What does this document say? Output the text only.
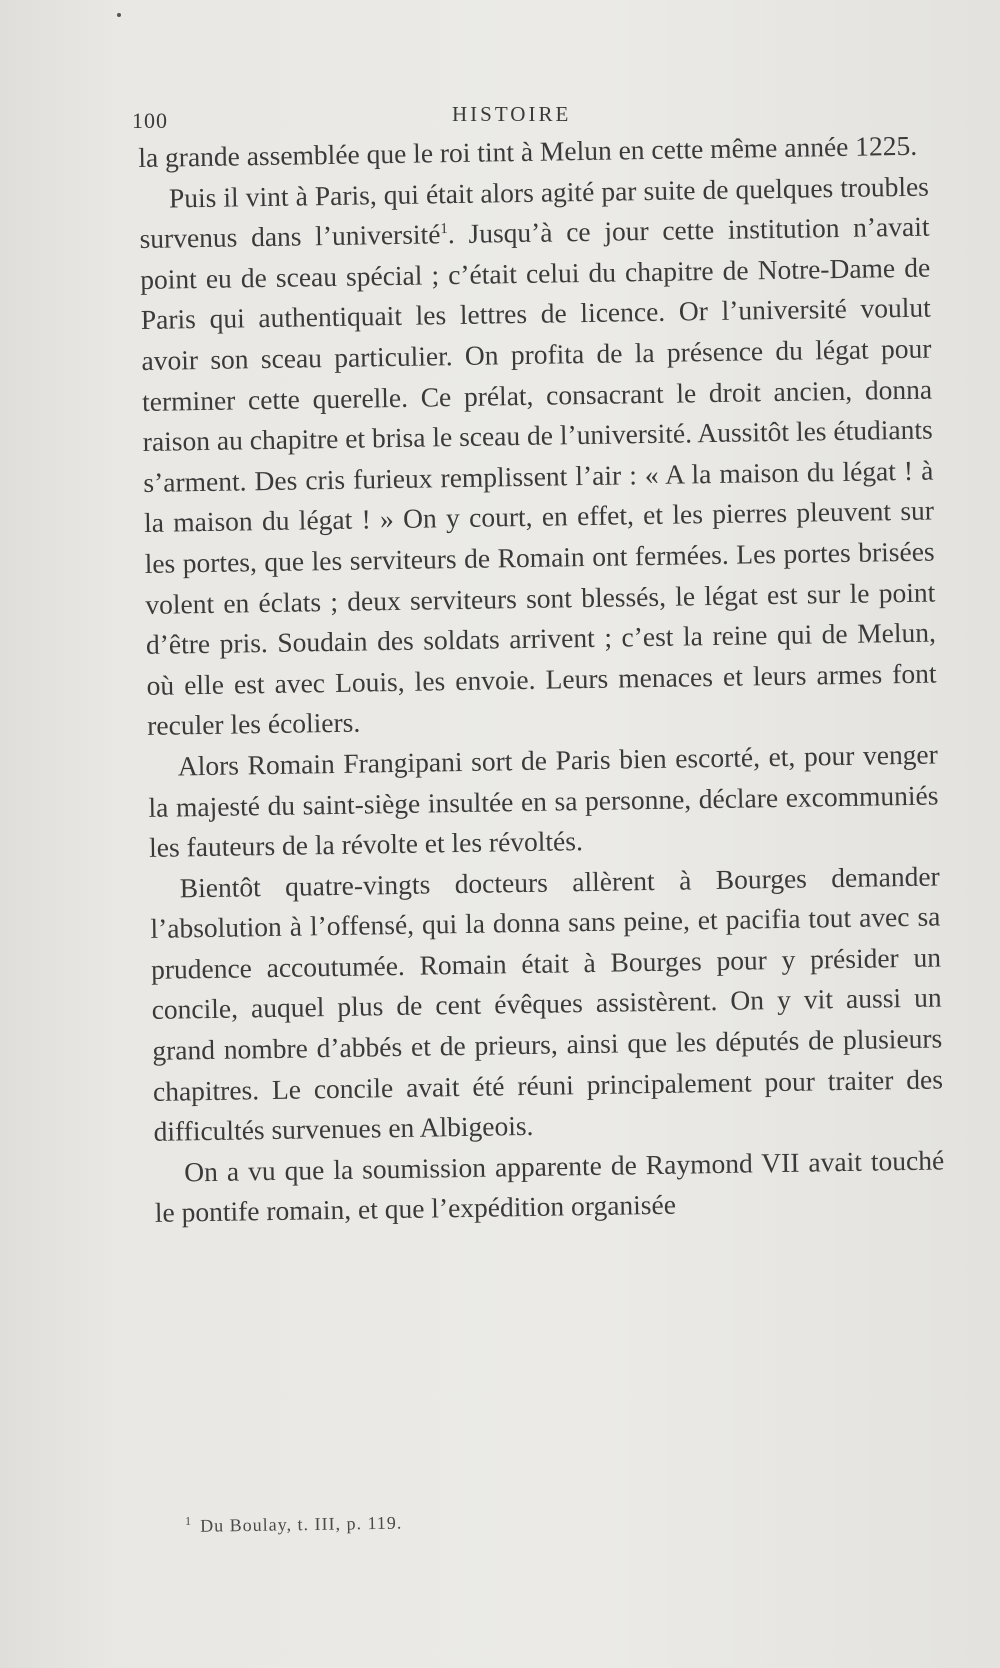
100	HISTOIRE

la grande assemblée que le roi tint à Melun en cette même année 1225.

Puis il vint à Paris, qui était alors agité par suite de quelques troubles survenus dans l’université$^1$. Jusqu’à ce jour cette institution n’avait point eu de sceau spécial ; c’était celui du chapitre de Notre-Dame de Paris qui authentiquait les lettres de licence. Or l’université voulut avoir son sceau particulier. On profita de la présence du légat pour terminer cette querelle. Ce prélat, consacrant le droit ancien, donna raison au chapitre et brisa le sceau de l’université. Aussitôt les étudiants s’arment. Des cris furieux remplissent l’air : « A la maison du légat ! à la maison du légat ! » On y court, en effet, et les pierres pleuvent sur les portes, que les serviteurs de Romain ont fermées. Les portes brisées volent en éclats ; deux serviteurs sont blessés, le légat est sur le point d’être pris. Soudain des soldats arrivent ; c’est la reine qui de Melun, où elle est avec Louis, les envoie. Leurs menaces et leurs armes font reculer les écoliers.

Alors Romain Frangipani sort de Paris bien escorté, et, pour venger la majesté du saint-siège insultée en sa personne, déclare excommuniés les fauteurs de la révolte et les révoltés.

Bientôt quatre-vingts docteurs allèrent à Bourges demander l’absolution à l’offensé, qui la donna sans peine, et pacifia tout avec sa prudence accoutumée. Romain était à Bourges pour y présider un concile, auquel plus de cent évêques assistèrent. On y vit aussi un grand nombre d’abbés et de prieurs, ainsi que les députés de plusieurs chapitres. Le concile avait été réuni principalement pour traiter des difficultés survenues en Albigeois.

On a vu que la soumission apparente de Raymond VII avait touché le pontife romain, et que l’expédition organisée

$^1$ Du Boulay, t. III, p. 119.
